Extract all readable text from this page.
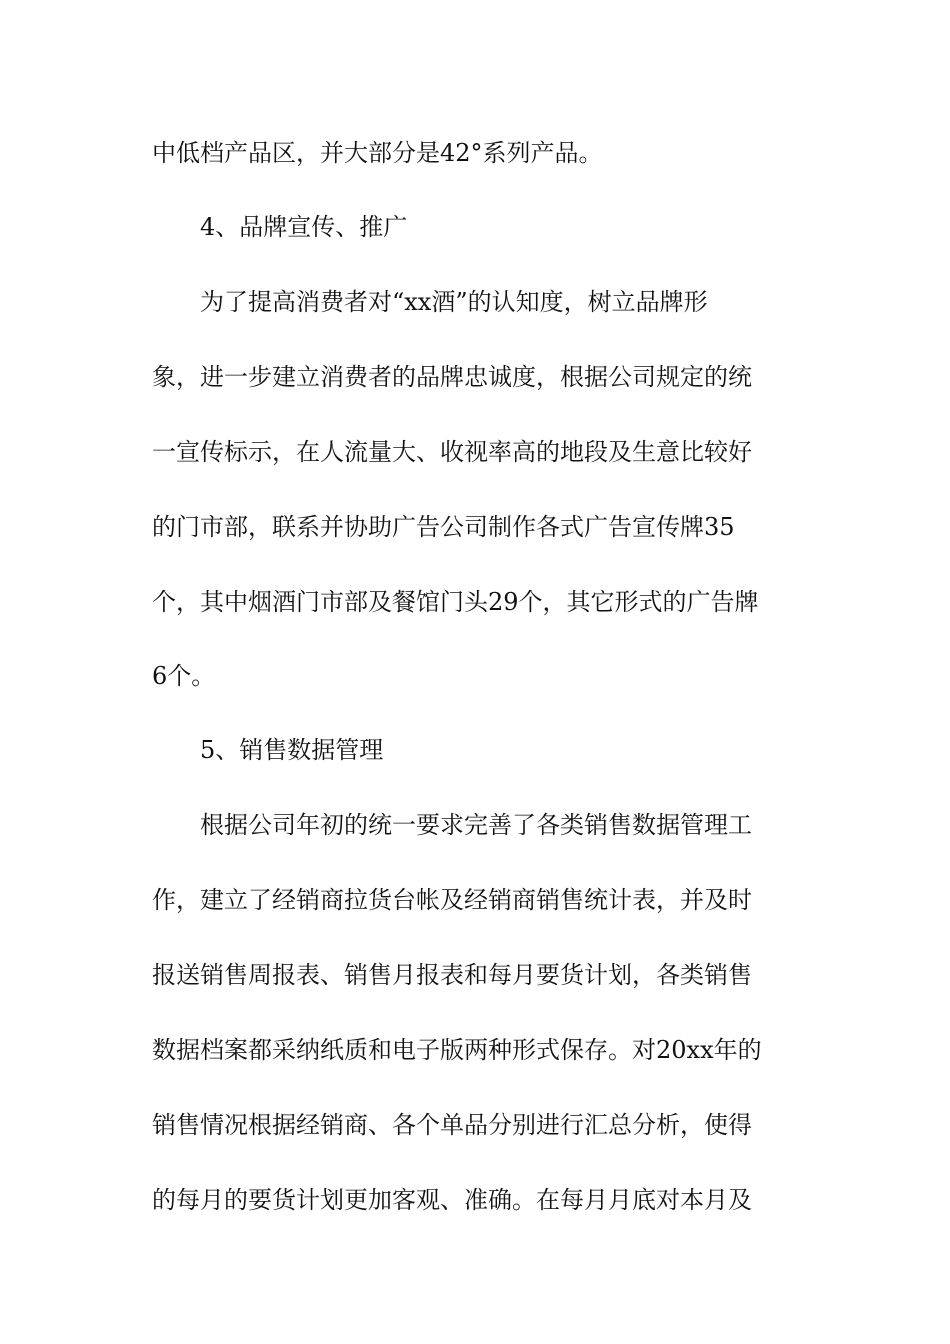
中低档产品区，并大部分是42°系列产品。
4、品牌宣传、推广
为了提高消费者对“xx酒”的认知度，树立品牌形
象，进一步建立消费者的品牌忠诚度，根据公司规定的统
一宣传标示，在人流量大、收视率高的地段及生意比较好
的门市部，联系并协助广告公司制作各式广告宣传牌35
个，其中烟酒门市部及餐馆门头29个，其它形式的广告牌
6个。
5、销售数据管理
根据公司年初的统一要求完善了各类销售数据管理工
作，建立了经销商拉货台帐及经销商销售统计表，并及时
报送销售周报表、销售月报表和每月要货计划，各类销售
数据档案都采纳纸质和电子版两种形式保存。对20xx年的
销售情况根据经销商、各个单品分别进行汇总分析，使得
的每月的要货计划更加客观、准确。在每月月底对本月及
